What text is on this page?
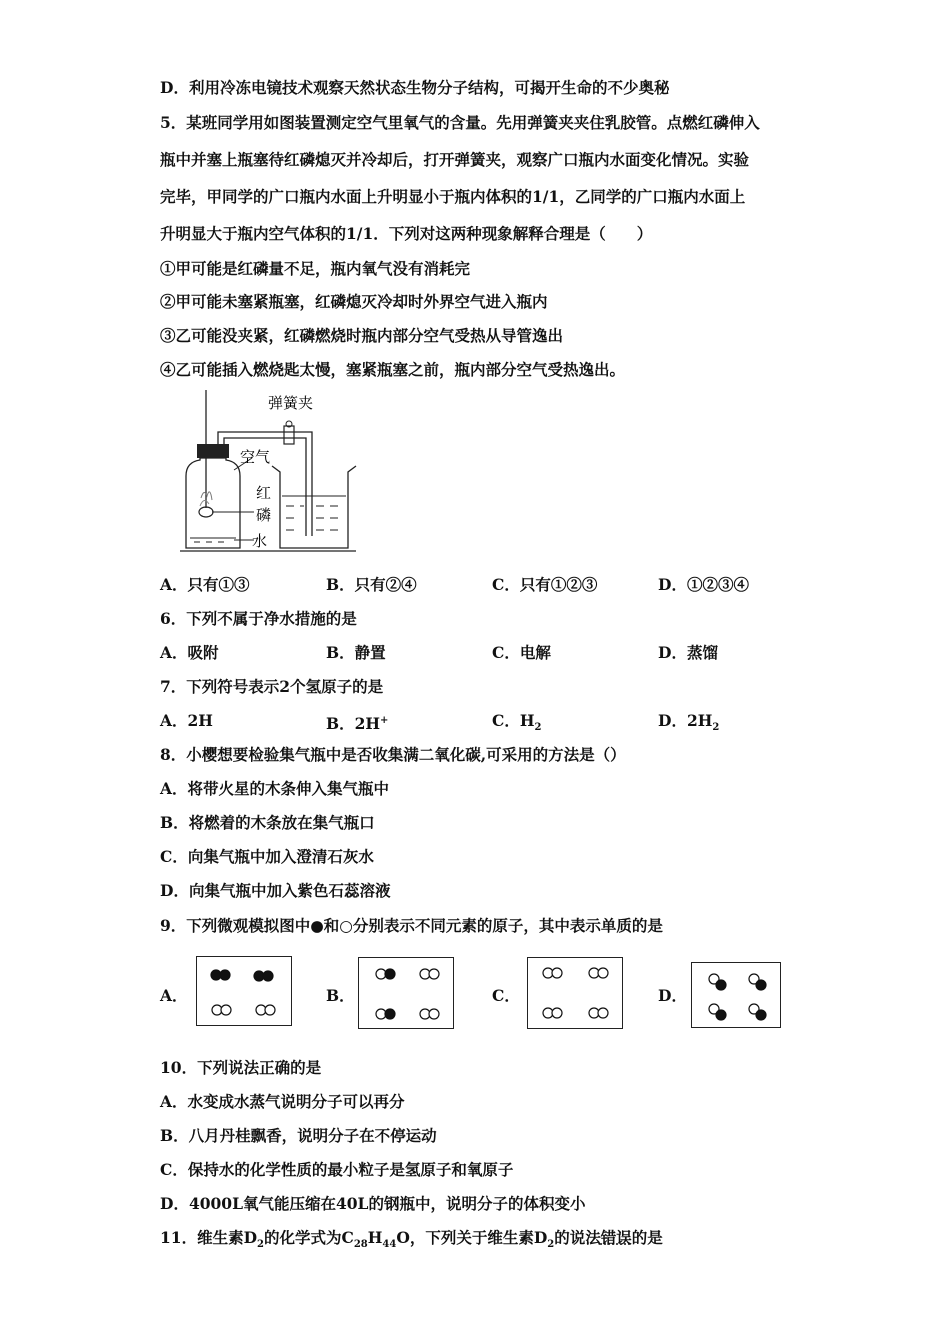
D．利用冷冻电镜技术观察天然状态生物分子结构，可揭开生命的不少奥秘
5．某班同学用如图装置测定空气里氧气的含量。先用弹簧夹夹住乳胶管。点燃红磷伸入
瓶中并塞上瓶塞待红磷熄灭并冷却后，打开弹簧夹，观察广口瓶内水面变化情况。实验
完毕，甲同学的广口瓶内水面上升明显小于瓶内体积的1/1，乙同学的广口瓶内水面上
升明显大于瓶内空气体积的1/1．下列对这两种现象解释合理是（　　）
①甲可能是红磷量不足，瓶内氧气没有消耗完
②甲可能未塞紧瓶塞，红磷熄灭冷却时外界空气进入瓶内
③乙可能没夹紧，红磷燃烧时瓶内部分空气受热从导管逸出
④乙可能插入燃烧匙太慢，塞紧瓶塞之前，瓶内部分空气受热逸出。
弹簧夹
空气
红
磷
水
A．只有①③	B．只有②④	C．只有①②③	D．①②③④
6．下列不属于净水措施的是
A．吸附	B．静置	C．电解	D．蒸馏
7．下列符号表示2个氢原子的是
A．2H	B．2H+	C．$H_2$	D．$2H_2$
8．小樱想要检验集气瓶中是否收集满二氧化碳,可采用的方法是（）
A．将带火星的木条伸入集气瓶中
B．将燃着的木条放在集气瓶口
C．向集气瓶中加入澄清石灰水
D．向集气瓶中加入紫色石蕊溶液
9．下列微观模拟图中●和○分别表示不同元素的原子，其中表示单质的是
A．	B．	C．	D．
10．下列说法正确的是
A．水变成水蒸气说明分子可以再分
B．八月丹桂飘香，说明分子在不停运动
C．保持水的化学性质的最小粒子是氢原子和氧原子
D．4000L氧气能压缩在40L的钢瓶中，说明分子的体积变小
11．维生素$D_2$的化学式为$C_{28}H_{44}O$，下列关于维生素$D_2$的说法错误的是
